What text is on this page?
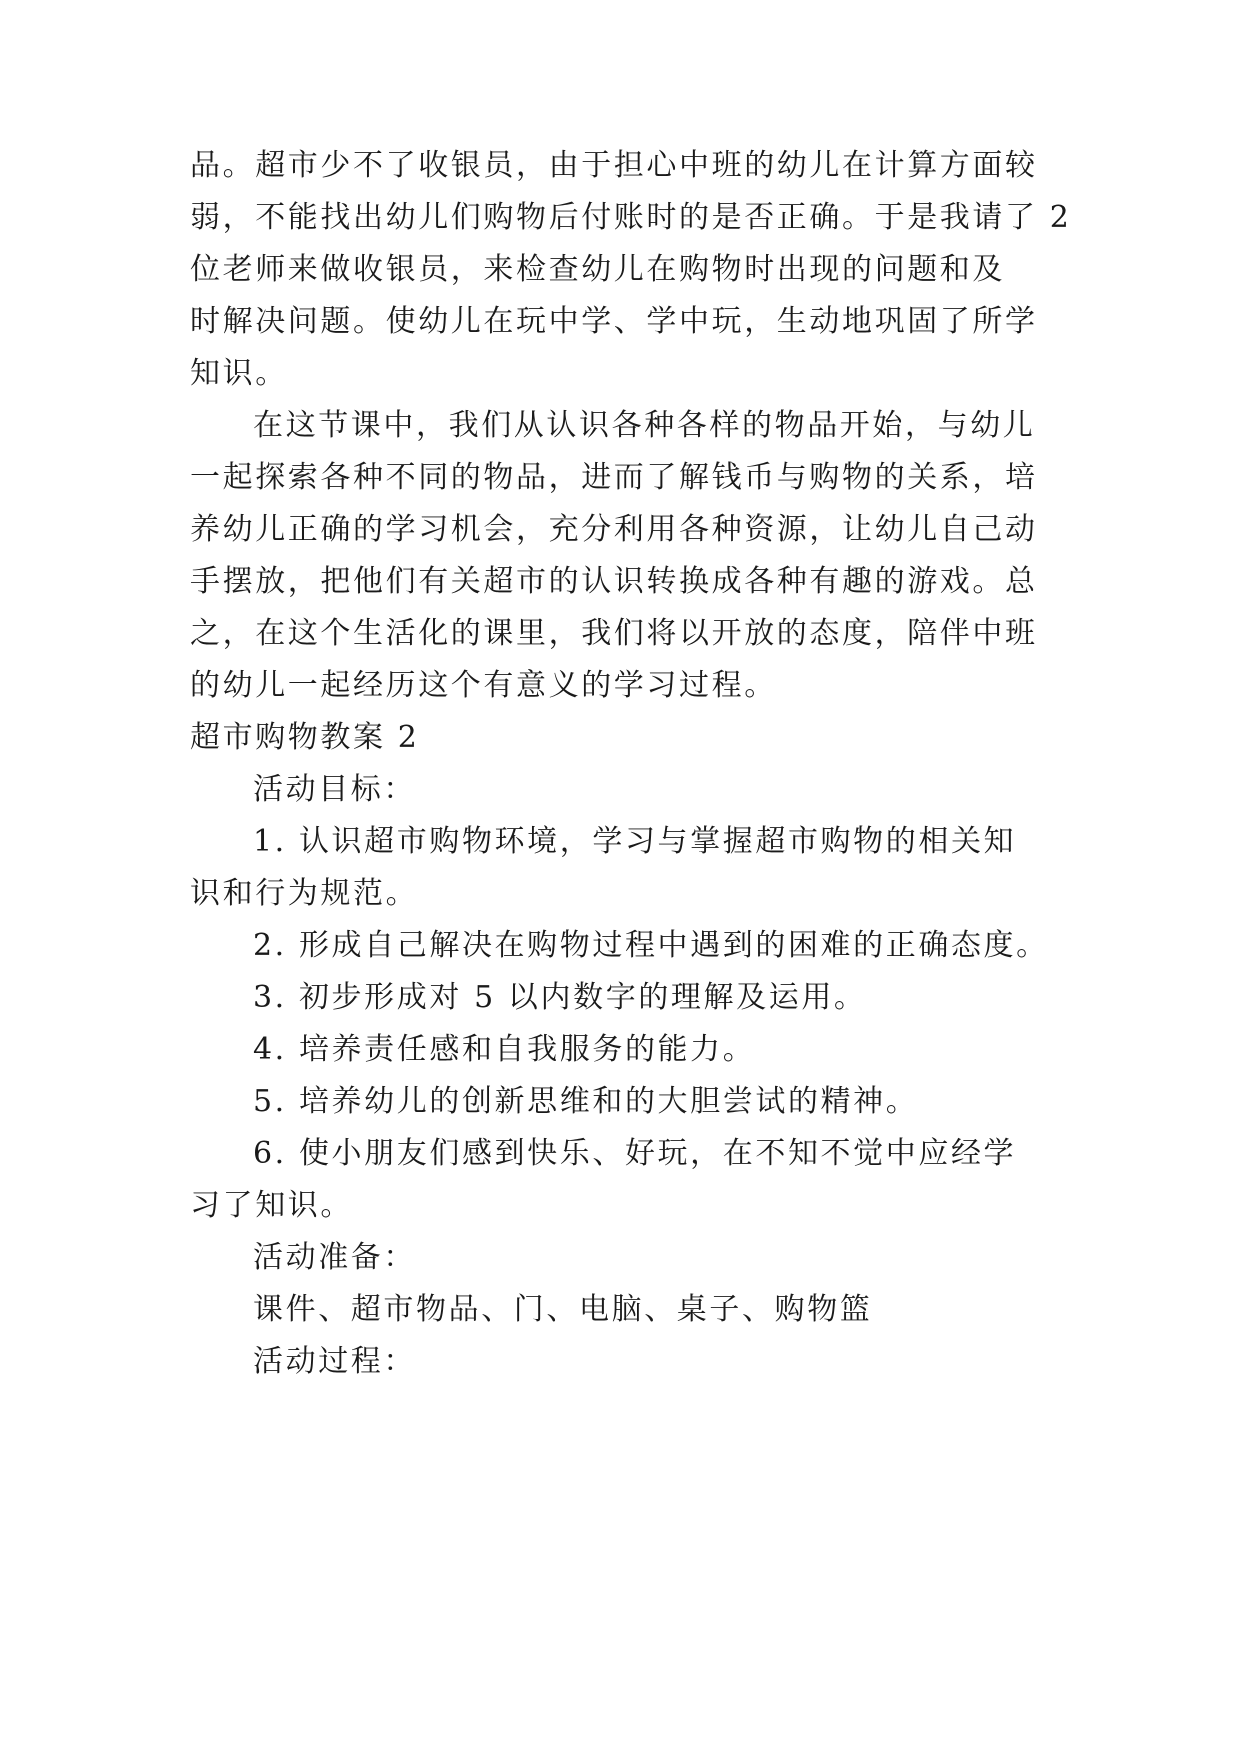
品。超市少不了收银员，由于担心中班的幼儿在计算方面较
弱，不能找出幼儿们购物后付账时的是否正确。于是我请了 2
位老师来做收银员，来检查幼儿在购物时出现的问题和及
时解决问题。使幼儿在玩中学、学中玩，生动地巩固了所学
知识。
在这节课中，我们从认识各种各样的物品开始，与幼儿
一起探索各种不同的物品，进而了解钱币与购物的关系，培
养幼儿正确的学习机会，充分利用各种资源，让幼儿自己动
手摆放，把他们有关超市的认识转换成各种有趣的游戏。总
之，在这个生活化的课里，我们将以开放的态度，陪伴中班
的幼儿一起经历这个有意义的学习过程。
超市购物教案 2
活动目标：
1. 认识超市购物环境，学习与掌握超市购物的相关知
识和行为规范。
2. 形成自己解决在购物过程中遇到的困难的正确态度。
3. 初步形成对 5 以内数字的理解及运用。
4. 培养责任感和自我服务的能力。
5. 培养幼儿的创新思维和的大胆尝试的精神。
6. 使小朋友们感到快乐、好玩，在不知不觉中应经学
习了知识。
活动准备：
课件、超市物品、门、电脑、桌子、购物篮
活动过程：
